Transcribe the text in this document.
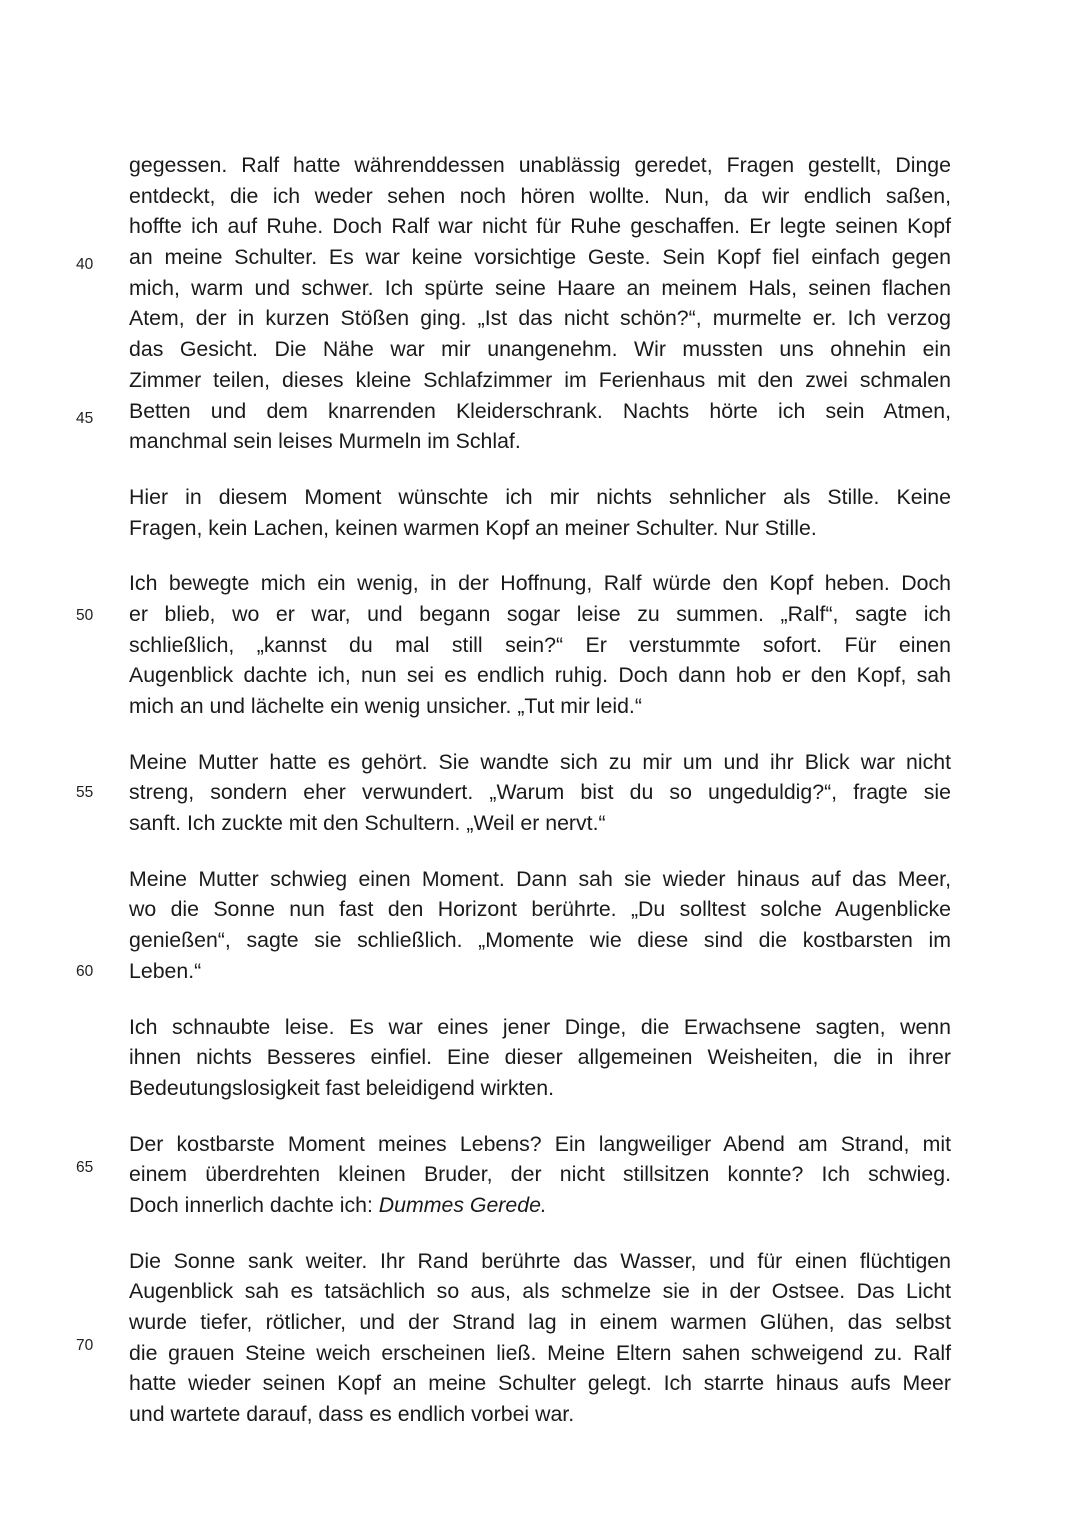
40
45
50
55
60
65
70
gegessen. Ralf hatte währenddessen unablässig geredet, Fragen gestellt, Dinge
entdeckt, die ich weder sehen noch hören wollte. Nun, da wir endlich saßen,
hoffte ich auf Ruhe. Doch Ralf war nicht für Ruhe geschaffen. Er legte seinen Kopf
an meine Schulter. Es war keine vorsichtige Geste. Sein Kopf fiel einfach gegen
mich, warm und schwer. Ich spürte seine Haare an meinem Hals, seinen flachen
Atem, der in kurzen Stößen ging. „Ist das nicht schön?“, murmelte er. Ich verzog
das Gesicht. Die Nähe war mir unangenehm. Wir mussten uns ohnehin ein
Zimmer teilen, dieses kleine Schlafzimmer im Ferienhaus mit den zwei schmalen
Betten und dem knarrenden Kleiderschrank. Nachts hörte ich sein Atmen,
manchmal sein leises Murmeln im Schlaf.
Hier in diesem Moment wünschte ich mir nichts sehnlicher als Stille. Keine
Fragen, kein Lachen, keinen warmen Kopf an meiner Schulter. Nur Stille.
Ich bewegte mich ein wenig, in der Hoffnung, Ralf würde den Kopf heben. Doch
er blieb, wo er war, und begann sogar leise zu summen. „Ralf“, sagte ich
schließlich, „kannst du mal still sein?“ Er verstummte sofort. Für einen
Augenblick dachte ich, nun sei es endlich ruhig. Doch dann hob er den Kopf, sah
mich an und lächelte ein wenig unsicher. „Tut mir leid.“
Meine Mutter hatte es gehört. Sie wandte sich zu mir um und ihr Blick war nicht
streng, sondern eher verwundert. „Warum bist du so ungeduldig?“, fragte sie
sanft. Ich zuckte mit den Schultern. „Weil er nervt.“
Meine Mutter schwieg einen Moment. Dann sah sie wieder hinaus auf das Meer,
wo die Sonne nun fast den Horizont berührte. „Du solltest solche Augenblicke
genießen“, sagte sie schließlich. „Momente wie diese sind die kostbarsten im
Leben.“
Ich schnaubte leise. Es war eines jener Dinge, die Erwachsene sagten, wenn
ihnen nichts Besseres einfiel. Eine dieser allgemeinen Weisheiten, die in ihrer
Bedeutungslosigkeit fast beleidigend wirkten.
Der kostbarste Moment meines Lebens? Ein langweiliger Abend am Strand, mit
einem überdrehten kleinen Bruder, der nicht stillsitzen konnte? Ich schwieg.
Doch innerlich dachte ich: Dummes Gerede.
Die Sonne sank weiter. Ihr Rand berührte das Wasser, und für einen flüchtigen
Augenblick sah es tatsächlich so aus, als schmelze sie in der Ostsee. Das Licht
wurde tiefer, rötlicher, und der Strand lag in einem warmen Glühen, das selbst
die grauen Steine weich erscheinen ließ. Meine Eltern sahen schweigend zu. Ralf
hatte wieder seinen Kopf an meine Schulter gelegt. Ich starrte hinaus aufs Meer
und wartete darauf, dass es endlich vorbei war.
